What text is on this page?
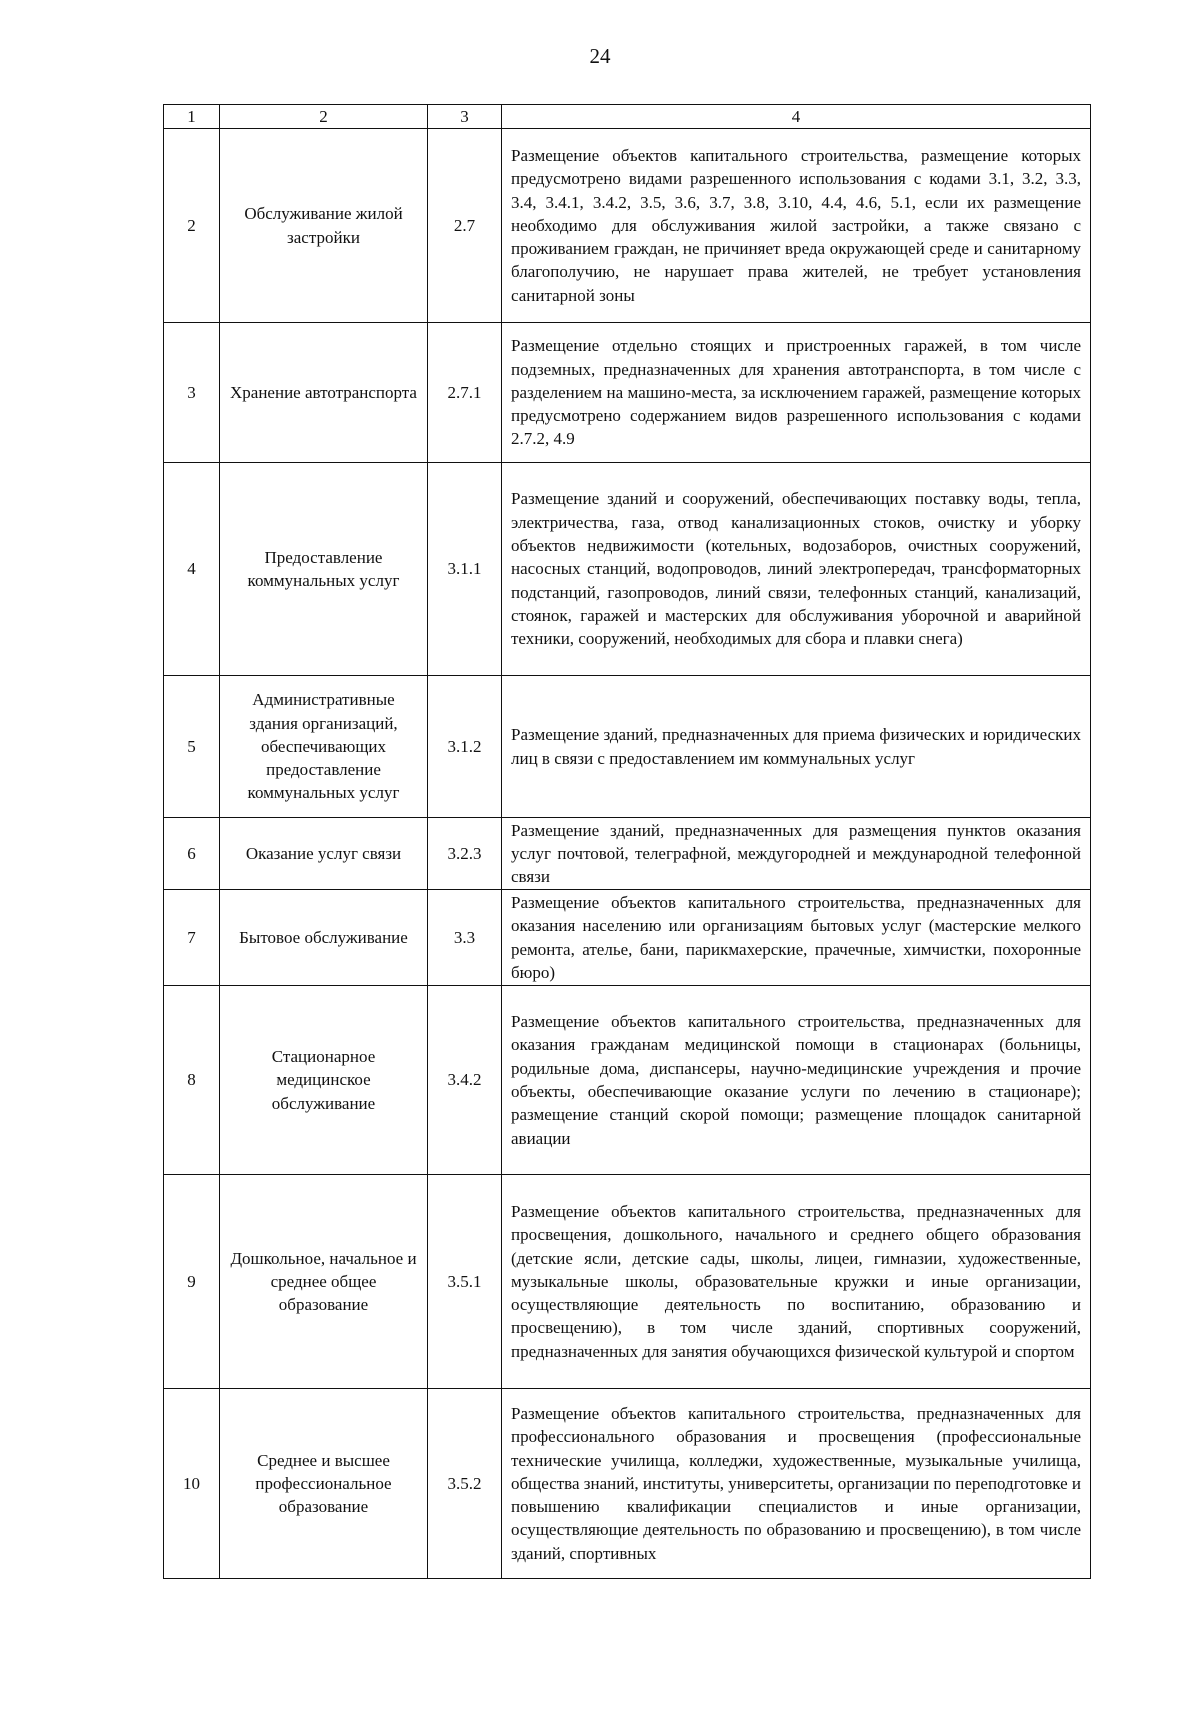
24
1	2	3	4
2	Обслуживание жилой застройки	2.7	Размещение объектов капитального строительства, размещение которых предусмотрено видами разрешенного использования с кодами 3.1, 3.2, 3.3, 3.4, 3.4.1, 3.4.2, 3.5, 3.6, 3.7, 3.8, 3.10, 4.4, 4.6, 5.1, если их размещение необходимо для обслуживания жилой застройки, а также связано с проживанием граждан, не причиняет вреда окружающей среде и санитарному благополучию, не нарушает права жителей, не требует установления санитарной зоны
3	Хранение автотранспорта	2.7.1	Размещение отдельно стоящих и пристроенных гаражей, в том числе подземных, предназначенных для хранения автотранспорта, в том числе с разделением на машино-места, за исключением гаражей, размещение которых предусмотрено содержанием видов разрешенного использования с кодами 2.7.2, 4.9
4	Предоставление коммунальных услуг	3.1.1	Размещение зданий и сооружений, обеспечивающих поставку воды, тепла, электричества, газа, отвод канализационных стоков, очистку и уборку объектов недвижимости (котельных, водозаборов, очистных сооружений, насосных станций, водопроводов, линий электропередач, трансформаторных подстанций, газопроводов, линий связи, телефонных станций, канализаций, стоянок, гаражей и мастерских для обслуживания уборочной и аварийной техники, сооружений, необходимых для сбора и плавки снега)
5	Административные здания организаций, обеспечивающих предоставление коммунальных услуг	3.1.2	Размещение зданий, предназначенных для приема физических и юридических лиц в связи с предоставлением им коммунальных услуг
6	Оказание услуг связи	3.2.3	Размещение зданий, предназначенных для размещения пунктов оказания услуг почтовой, телеграфной, междугородней и международной телефонной связи
7	Бытовое обслуживание	3.3	Размещение объектов капитального строительства, предназначенных для оказания населению или организациям бытовых услуг (мастерские мелкого ремонта, ателье, бани, парикмахерские, прачечные, химчистки, похоронные бюро)
8	Стационарное медицинское обслуживание	3.4.2	Размещение объектов капитального строительства, предназначенных для оказания гражданам медицинской помощи в стационарах (больницы, родильные дома, диспансеры, научно-медицинские учреждения и прочие объекты, обеспечивающие оказание услуги по лечению в стационаре); размещение станций скорой помощи; размещение площадок санитарной авиации
9	Дошкольное, начальное и среднее общее образование	3.5.1	Размещение объектов капитального строительства, предназначенных для просвещения, дошкольного, начального и среднего общего образования (детские ясли, детские сады, школы, лицеи, гимназии, художественные, музыкальные школы, образовательные кружки и иные организации, осуществляющие деятельность по воспитанию, образованию и просвещению), в том числе зданий, спортивных сооружений, предназначенных для занятия обучающихся физической культурой и спортом
10	Среднее и высшее профессиональное образование	3.5.2	Размещение объектов капитального строительства, предназначенных для профессионального образования и просвещения (профессиональные технические училища, колледжи, художественные, музыкальные училища, общества знаний, институты, университеты, организации по переподготовке и повышению квалификации специалистов и иные организации, осуществляющие деятельность по образованию и просвещению), в том числе зданий, спортивных
